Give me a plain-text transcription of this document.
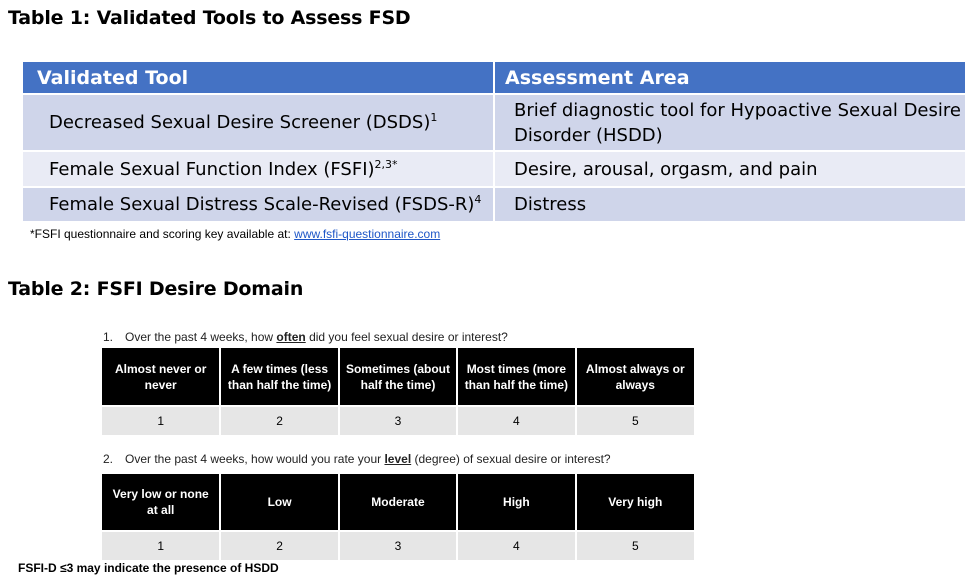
Table 1: Validated Tools to Assess FSD
Validated Tool	Assessment Area
Decreased Sexual Desire Screener (DSDS)$^1$	Brief diagnostic tool for Hypoactive Sexual Desire Disorder (HSDD)
Female Sexual Function Index (FSFI)$^{2,3*}$	Desire, arousal, orgasm, and pain
Female Sexual Distress Scale-Revised (FSDS-R)$^4$	Distress
*FSFI questionnaire and scoring key available at: www.fsfi-questionnaire.com
Table 2: FSFI Desire Domain
1. Over the past 4 weeks, how often did you feel sexual desire or interest?
Almost never or never	A few times (less than half the time)	Sometimes (about half the time)	Most times (more than half the time)	Almost always or always
1	2	3	4	5
2. Over the past 4 weeks, how would you rate your level (degree) of sexual desire or interest?
Very low or none at all	Low	Moderate	High	Very high
1	2	3	4	5
FSFI-D ≤3 may indicate the presence of HSDD
